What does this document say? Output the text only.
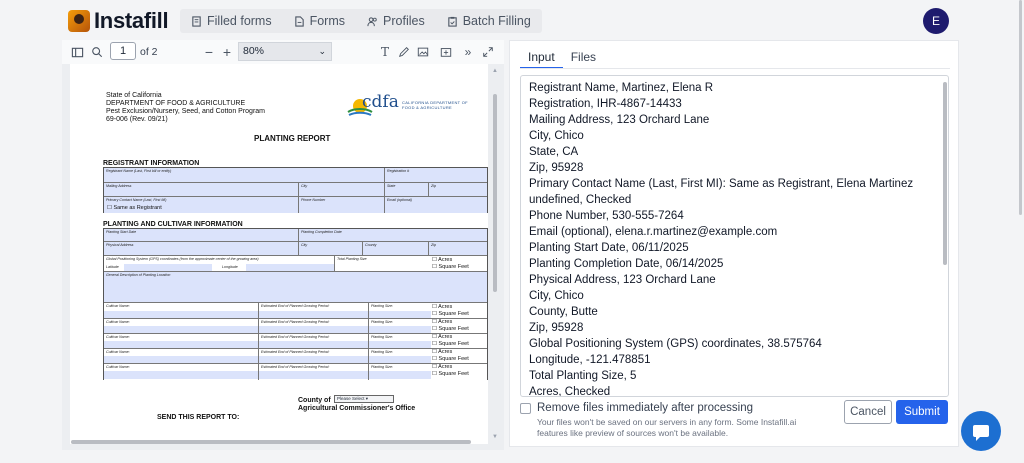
Instafill	Filled forms	Forms	Profiles	Batch Filling	E
1	of 2	− +	80%	⌄	T	»
State of California
DEPARTMENT OF FOOD & AGRICULTURE
Pest Exclusion/Nursery, Seed, and Cotton Program
69-006 (Rev. 09/21)
cdfa CALIFORNIA DEPARTMENT OF
FOOD & AGRICULTURE
PLANTING REPORT
REGISTRANT INFORMATION
Registrant Name (Last, First bill or entity)	Registration #
Mailing Address	City	State	Zip
Primary Contact Name (Last, First MI)
☐ Same as Registrant
Phone Number	Email (optional)
PLANTING AND CULTIVAR INFORMATION
Planting Start Date	Planting Completion Date
Physical Address	City	County	Zip
Global Positioning System (GPS) coordinates (from the approximate center of the growing area)
Latitude	Longitude
Total Planting Size	☐ Acres
☐ Square Feet
General Description of Planting Location
Cultivar Name:	Estimated End of Planned Growing Period:	Planting Size:	☐ Acres
☐ Square Feet
Cultivar Name:	Estimated End of Planned Growing Period:	Planting Size:	☐ Acres
☐ Square Feet
Cultivar Name:	Estimated End of Planned Growing Period:	Planting Size:	☐ Acres
☐ Square Feet
Cultivar Name:	Estimated End of Planned Growing Period:	Planting Size:	☐ Acres
☐ Square Feet
Cultivar Name:	Estimated End of Planned Growing Period:	Planting Size:	☐ Acres
☐ Square Feet
County of	Please Select ▾
Agricultural Commissioner's Office
SEND THIS REPORT TO:
▲
▼
Input	Files
Registrant Name, Martinez, Elena R
Registration, IHR-4867-14433
Mailing Address, 123 Orchard Lane
City, Chico
State, CA
Zip, 95928
Primary Contact Name (Last, First MI): Same as Registrant, Elena Martinez
undefined, Checked
Phone Number, 530-555-7264
Email (optional), elena.r.martinez@example.com
Planting Start Date, 06/11/2025
Planting Completion Date, 06/14/2025
Physical Address, 123 Orchard Lane
City, Chico
County, Butte
Zip, 95928
Global Positioning System (GPS) coordinates, 38.575764
Longitude, -121.478851
Total Planting Size, 5
Acres, Checked
Remove files immediately after processing
Your files won't be saved on our servers in any form. Some Instafill.ai features like preview of sources won't be available.
Cancel	Submit
